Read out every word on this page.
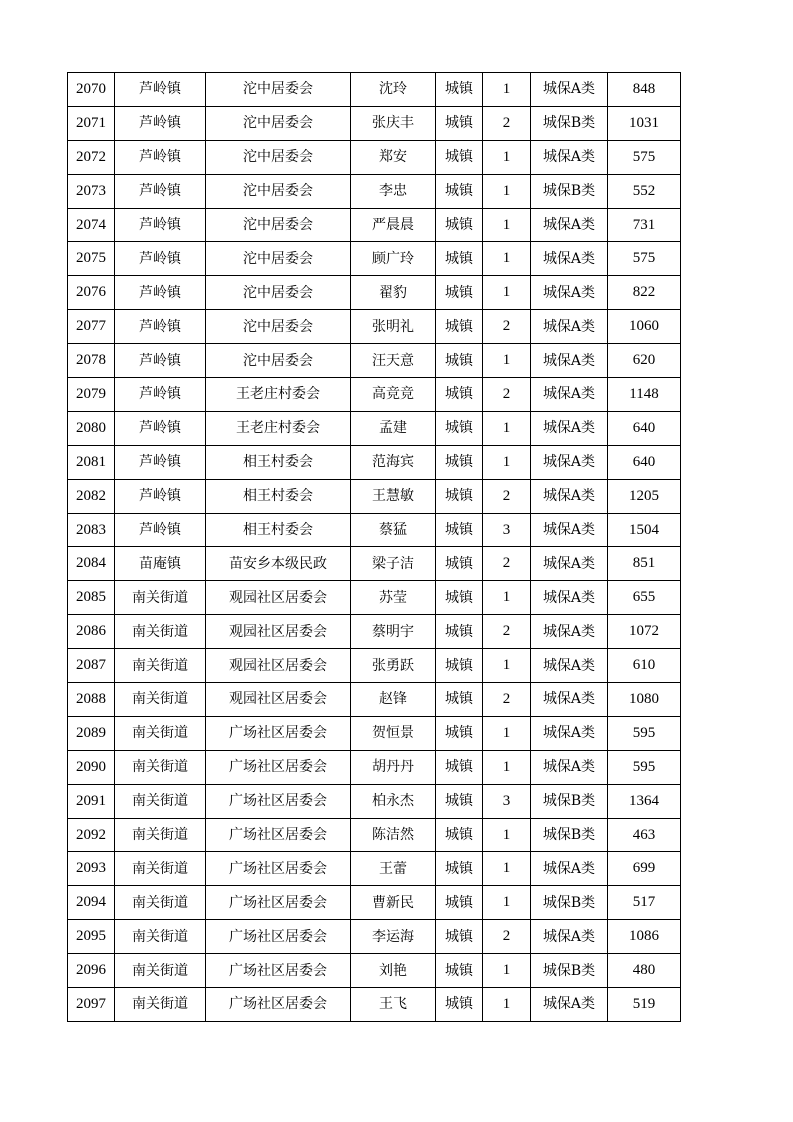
2070	芦岭镇	沱中居委会	沈玲	城镇	1	城保A类	848
2071	芦岭镇	沱中居委会	张庆丰	城镇	2	城保B类	1031
2072	芦岭镇	沱中居委会	郑安	城镇	1	城保A类	575
2073	芦岭镇	沱中居委会	李忠	城镇	1	城保B类	552
2074	芦岭镇	沱中居委会	严晨晨	城镇	1	城保A类	731
2075	芦岭镇	沱中居委会	顾广玲	城镇	1	城保A类	575
2076	芦岭镇	沱中居委会	翟豹	城镇	1	城保A类	822
2077	芦岭镇	沱中居委会	张明礼	城镇	2	城保A类	1060
2078	芦岭镇	沱中居委会	汪天意	城镇	1	城保A类	620
2079	芦岭镇	王老庄村委会	高竞竞	城镇	2	城保A类	1148
2080	芦岭镇	王老庄村委会	孟建	城镇	1	城保A类	640
2081	芦岭镇	相王村委会	范海宾	城镇	1	城保A类	640
2082	芦岭镇	相王村委会	王慧敏	城镇	2	城保A类	1205
2083	芦岭镇	相王村委会	蔡猛	城镇	3	城保A类	1504
2084	苗庵镇	苗安乡本级民政	梁子洁	城镇	2	城保A类	851
2085	南关街道	观园社区居委会	苏莹	城镇	1	城保A类	655
2086	南关街道	观园社区居委会	蔡明宇	城镇	2	城保A类	1072
2087	南关街道	观园社区居委会	张勇跃	城镇	1	城保A类	610
2088	南关街道	观园社区居委会	赵锋	城镇	2	城保A类	1080
2089	南关街道	广场社区居委会	贺恒景	城镇	1	城保A类	595
2090	南关街道	广场社区居委会	胡丹丹	城镇	1	城保A类	595
2091	南关街道	广场社区居委会	柏永杰	城镇	3	城保B类	1364
2092	南关街道	广场社区居委会	陈洁然	城镇	1	城保B类	463
2093	南关街道	广场社区居委会	王蕾	城镇	1	城保A类	699
2094	南关街道	广场社区居委会	曹新民	城镇	1	城保B类	517
2095	南关街道	广场社区居委会	李运海	城镇	2	城保A类	1086
2096	南关街道	广场社区居委会	刘艳	城镇	1	城保B类	480
2097	南关街道	广场社区居委会	王飞	城镇	1	城保A类	519
